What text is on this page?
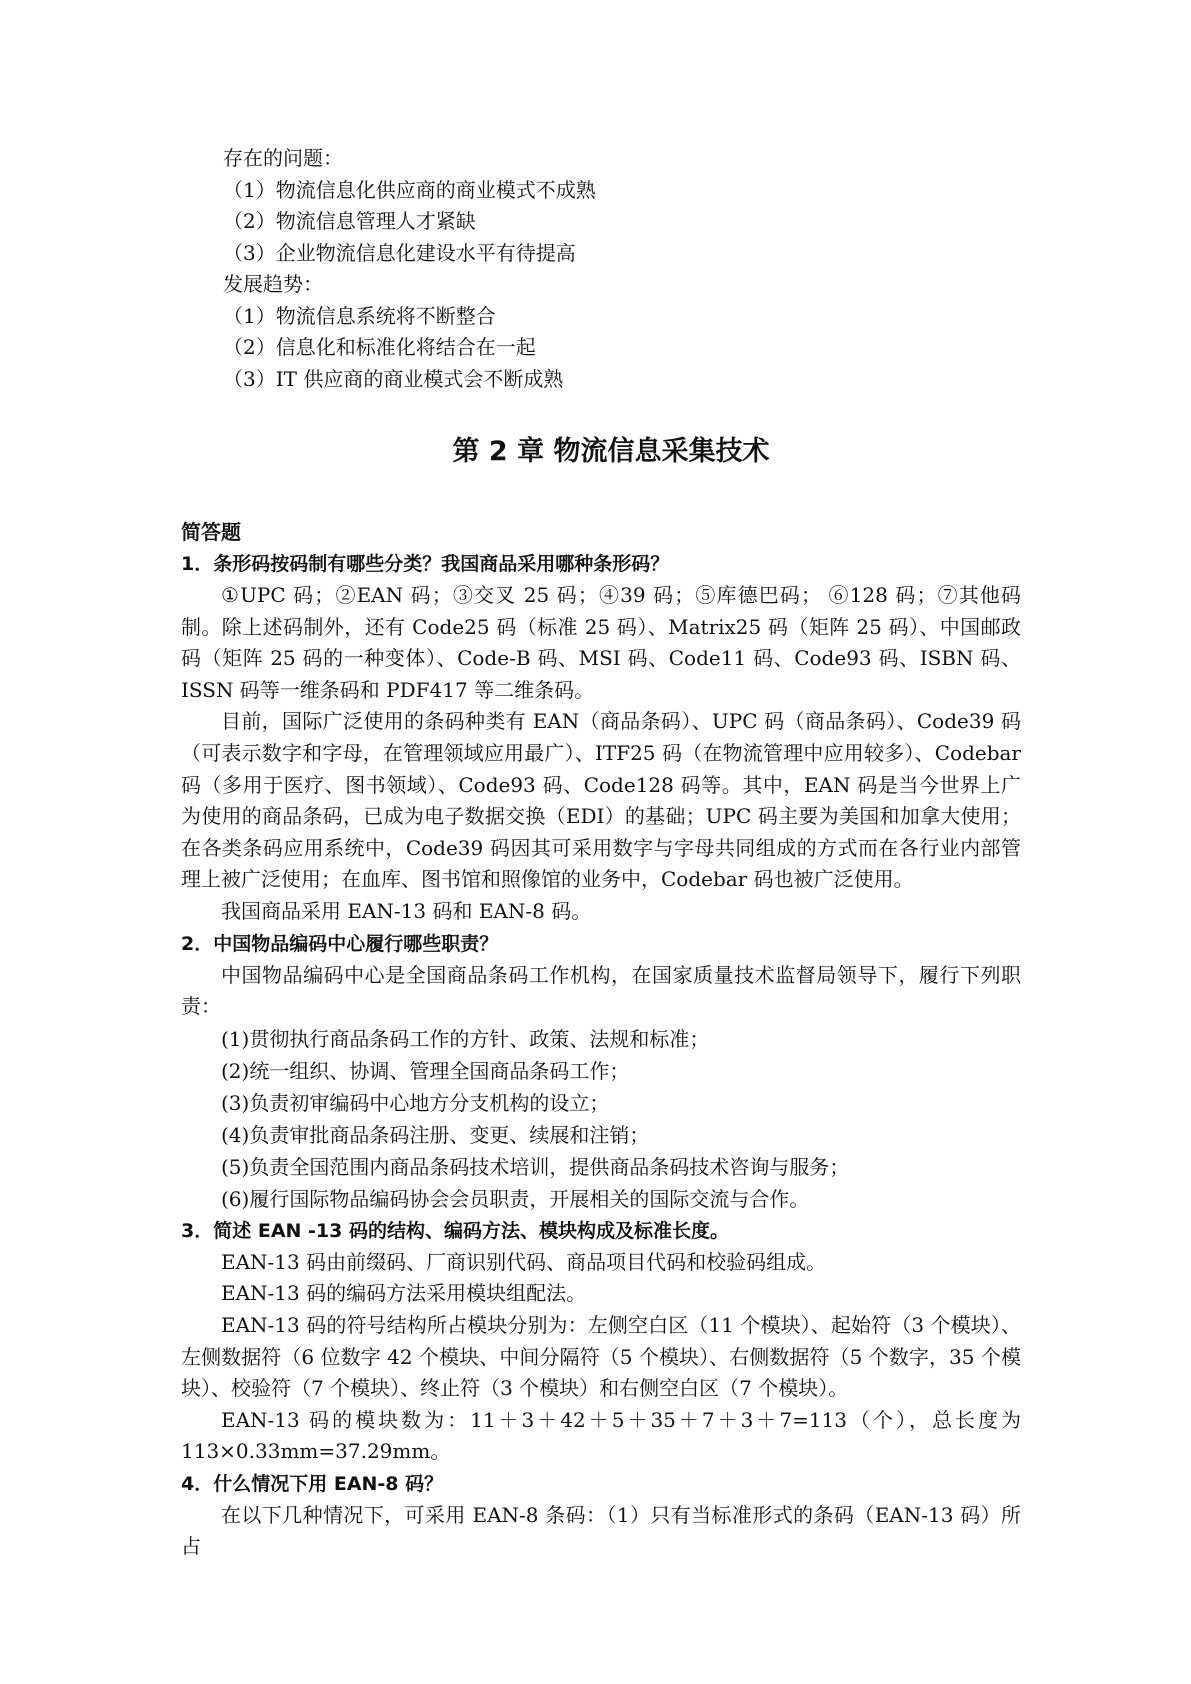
存在的问题：
（1）物流信息化供应商的商业模式不成熟
（2）物流信息管理人才紧缺
（3）企业物流信息化建设水平有待提高
发展趋势：
（1）物流信息系统将不断整合
（2）信息化和标准化将结合在一起
（3）IT 供应商的商业模式会不断成熟
第 2 章 物流信息采集技术
简答题
1．条形码按码制有哪些分类？我国商品采用哪种条形码？
①UPC 码；②EAN 码；③交叉 25 码；④39 码；⑤库德巴码； ⑥128 码；⑦其他码制。除上述码制外，还有 Code25 码（标准 25 码）、Matrix25 码（矩阵 25 码）、中国邮政码（矩阵 25 码的一种变体）、Code-B 码、MSI 码、Code11 码、Code93 码、ISBN 码、ISSN 码等一维条码和 PDF417 等二维条码。
目前，国际广泛使用的条码种类有 EAN（商品条码）、UPC 码（商品条码）、Code39 码（可表示数字和字母，在管理领域应用最广）、ITF25 码（在物流管理中应用较多）、Codebar 码（多用于医疗、图书领域）、Code93 码、Code128 码等。其中，EAN 码是当今世界上广为使用的商品条码，已成为电子数据交换（EDI）的基础；UPC 码主要为美国和加拿大使用；在各类条码应用系统中，Code39 码因其可采用数字与字母共同组成的方式而在各行业内部管理上被广泛使用；在血库、图书馆和照像馆的业务中，Codebar 码也被广泛使用。
我国商品采用 EAN-13 码和 EAN-8 码。
2．中国物品编码中心履行哪些职责？
中国物品编码中心是全国商品条码工作机构，在国家质量技术监督局领导下，履行下列职责：
(1)贯彻执行商品条码工作的方针、政策、法规和标准；
(2)统一组织、协调、管理全国商品条码工作；
(3)负责初审编码中心地方分支机构的设立；
(4)负责审批商品条码注册、变更、续展和注销；
(5)负责全国范围内商品条码技术培训，提供商品条码技术咨询与服务；
(6)履行国际物品编码协会会员职责，开展相关的国际交流与合作。
3．简述 EAN -13 码的结构、编码方法、模块构成及标准长度。
EAN-13 码由前缀码、厂商识别代码、商品项目代码和校验码组成。
EAN-13 码的编码方法采用模块组配法。
EAN-13 码的符号结构所占模块分别为：左侧空白区（11 个模块）、起始符（3 个模块）、左侧数据符（6 位数字 42 个模块、中间分隔符（5 个模块）、右侧数据符（5 个数字，35 个模块）、校验符（7 个模块）、终止符（3 个模块）和右侧空白区（7 个模块）。
EAN-13 码的模块数为：11＋3＋42＋5＋35＋7＋3＋7=113（个），总长度为 113×0.33mm=37.29mm。
4．什么情况下用 EAN-8 码？
在以下几种情况下，可采用 EAN-8 条码：（1）只有当标准形式的条码（EAN-13 码）所占
